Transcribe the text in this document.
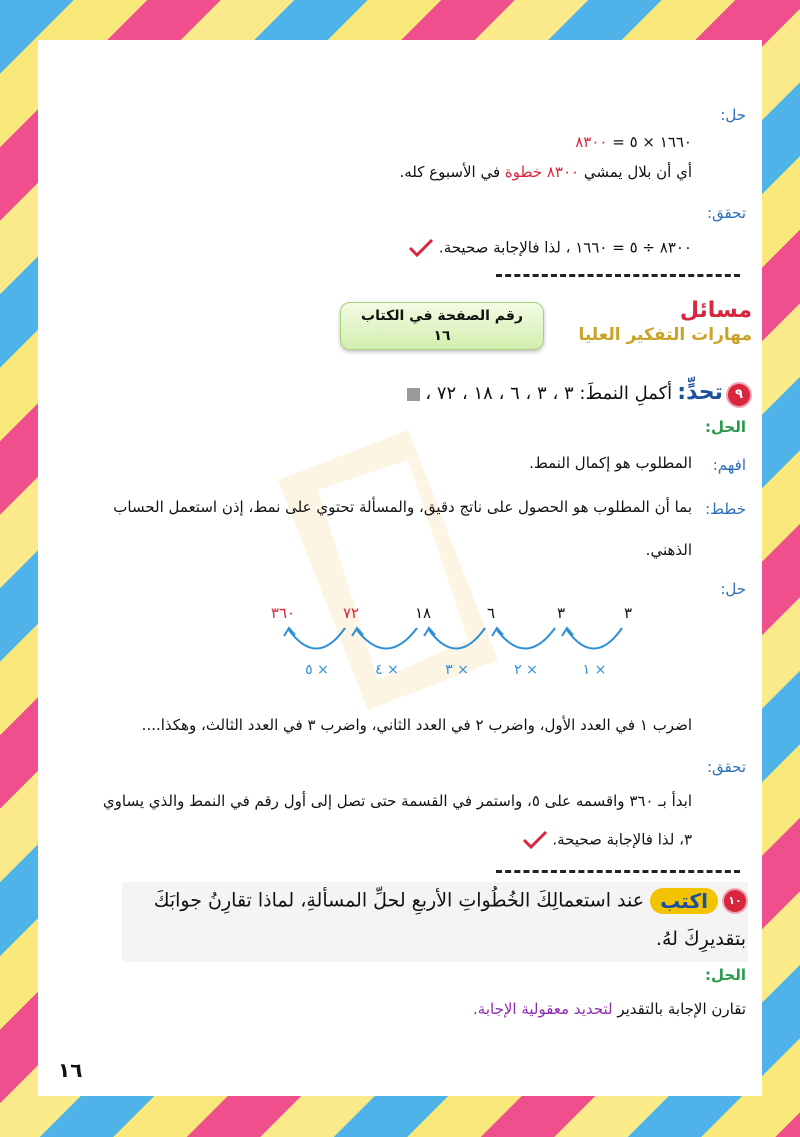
حل:
١٦٦٠ × ٥ = ٨٣٠٠
أي أن بلال يمشي ٨٣٠٠ خطوة في الأسبوع كله.
تحقق:
٨٣٠٠ ÷ ٥ = ١٦٦٠ ، لذا فالإجابة صحيحة.
رقم الصفحة في الكتاب
١٦
مسائل
مهارات التفكير العليا
٩ تحدٍّ: أكملِ النمطَ: ٣ ، ٣ ، ٦ ، ١٨ ، ٧٢ ،
الحل:
افهم:
المطلوب هو إكمال النمط.
خطط:
بما أن المطلوب هو الحصول على ناتج دقيق، والمسألة تحتوي على نمط، إذن استعمل الحساب
الذهني.
حل:
٣
٣
٦
١٨
٧٢
٣٦٠
× ١
× ٢
× ٣
× ٤
× ٥
اضرب ١ في العدد الأول، واضرب ٢ في العدد الثاني، واضرب ٣ في العدد الثالث، وهكذا....
تحقق:
ابدأ بـ ٣٦٠ واقسمه على ٥، واستمر في القسمة حتى تصل إلى أول رقم في النمط والذي يساوي
٣، لذا فالإجابة صحيحة.
١٠ اكتب عند استعمالِكَ الخُطُواتِ الأربعِ لحلِّ المسألةِ، لماذا تقارِنُ جوابَكَ
بتقديرِكَ لهُ.
الحل:
تقارن الإجابة بالتقدير لتحديد معقولية الإجابة.
١٦
